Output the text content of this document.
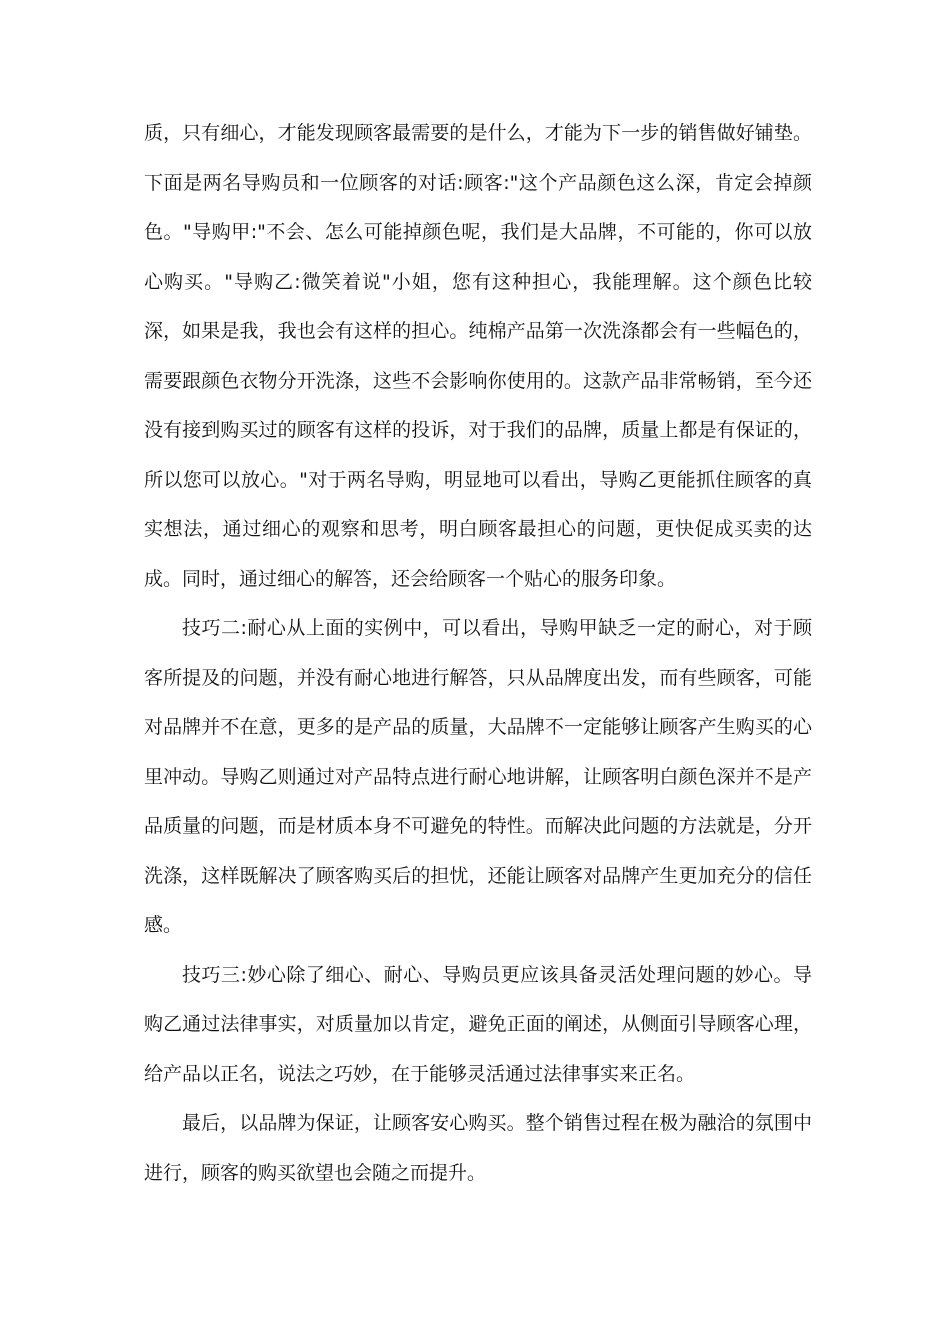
质，只有细心，才能发现顾客最需要的是什么，才能为下一步的销售做好铺垫。下面是两名导购员和一位顾客的对话:顾客:"这个产品颜色这么深，肯定会掉颜色。"导购甲:"不会、怎么可能掉颜色呢，我们是大品牌，不可能的，你可以放心购买。"导购乙:微笑着说"小姐，您有这种担心，我能理解。这个颜色比较深，如果是我，我也会有这样的担心。纯棉产品第一次洗涤都会有一些幅色的，需要跟颜色衣物分开洗涤，这些不会影响你使用的。这款产品非常畅销，至今还没有接到购买过的顾客有这样的投诉，对于我们的品牌，质量上都是有保证的，所以您可以放心。"对于两名导购，明显地可以看出，导购乙更能抓住顾客的真实想法，通过细心的观察和思考，明白顾客最担心的问题，更快促成买卖的达成。同时，通过细心的解答，还会给顾客一个贴心的服务印象。

技巧二:耐心从上面的实例中，可以看出，导购甲缺乏一定的耐心，对于顾客所提及的问题，并没有耐心地进行解答，只从品牌度出发，而有些顾客，可能对品牌并不在意，更多的是产品的质量，大品牌不一定能够让顾客产生购买的心里冲动。导购乙则通过对产品特点进行耐心地讲解，让顾客明白颜色深并不是产品质量的问题，而是材质本身不可避免的特性。而解决此问题的方法就是，分开洗涤，这样既解决了顾客购买后的担忧，还能让顾客对品牌产生更加充分的信任感。

技巧三:妙心除了细心、耐心、导购员更应该具备灵活处理问题的妙心。导购乙通过法律事实，对质量加以肯定，避免正面的阐述，从侧面引导顾客心理，给产品以正名，说法之巧妙，在于能够灵活通过法律事实来正名。

最后，以品牌为保证，让顾客安心购买。整个销售过程在极为融洽的氛围中进行，顾客的购买欲望也会随之而提升。
